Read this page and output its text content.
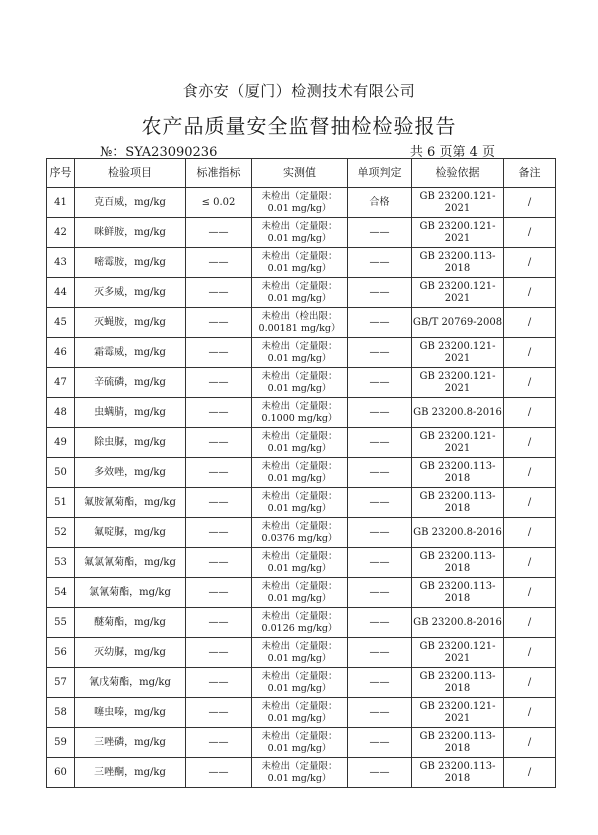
食亦安（厦门）检测技术有限公司
农产品质量安全监督抽检检验报告
№：SYA23090236	共 6 页第 4 页
序号	检验项目	标准指标	实测值	单项判定	检验依据	备注
41	克百威，mg/kg	≤ 0.02	未检出（定量限：
0.01 mg/kg）	合格	GB 23200.121-2021	/
42	咪鲜胺，mg/kg	——	未检出（定量限：
0.01 mg/kg）	——	GB 23200.121-2021	/
43	嘧霉胺，mg/kg	——	未检出（定量限：
0.01 mg/kg）	——	GB 23200.113-2018	/
44	灭多威，mg/kg	——	未检出（定量限：
0.01 mg/kg）	——	GB 23200.121-2021	/
45	灭蝇胺，mg/kg	——	未检出（检出限：
0.00181 mg/kg）	——	GB/T 20769-2008	/
46	霜霉威，mg/kg	——	未检出（定量限：
0.01 mg/kg）	——	GB 23200.121-2021	/
47	辛硫磷，mg/kg	——	未检出（定量限：
0.01 mg/kg）	——	GB 23200.121-2021	/
48	虫螨腈，mg/kg	——	未检出（定量限：
0.1000 mg/kg）	——	GB 23200.8-2016	/
49	除虫脲，mg/kg	——	未检出（定量限：
0.01 mg/kg）	——	GB 23200.121-2021	/
50	多效唑，mg/kg	——	未检出（定量限：
0.01 mg/kg）	——	GB 23200.113-2018	/
51	氟胺氰菊酯，mg/kg	——	未检出（定量限：
0.01 mg/kg）	——	GB 23200.113-2018	/
52	氟啶脲，mg/kg	——	未检出（定量限：
0.0376 mg/kg）	——	GB 23200.8-2016	/
53	氟氯氰菊酯，mg/kg	——	未检出（定量限：
0.01 mg/kg）	——	GB 23200.113-2018	/
54	氯氰菊酯，mg/kg	——	未检出（定量限：
0.01 mg/kg）	——	GB 23200.113-2018	/
55	醚菊酯，mg/kg	——	未检出（定量限：
0.0126 mg/kg）	——	GB 23200.8-2016	/
56	灭幼脲，mg/kg	——	未检出（定量限：
0.01 mg/kg）	——	GB 23200.121-2021	/
57	氰戊菊酯，mg/kg	——	未检出（定量限：
0.01 mg/kg）	——	GB 23200.113-2018	/
58	噻虫嗪，mg/kg	——	未检出（定量限：
0.01 mg/kg）	——	GB 23200.121-2021	/
59	三唑磷，mg/kg	——	未检出（定量限：
0.01 mg/kg）	——	GB 23200.113-2018	/
60	三唑酮，mg/kg	——	未检出（定量限：
0.01 mg/kg）	——	GB 23200.113-2018	/
